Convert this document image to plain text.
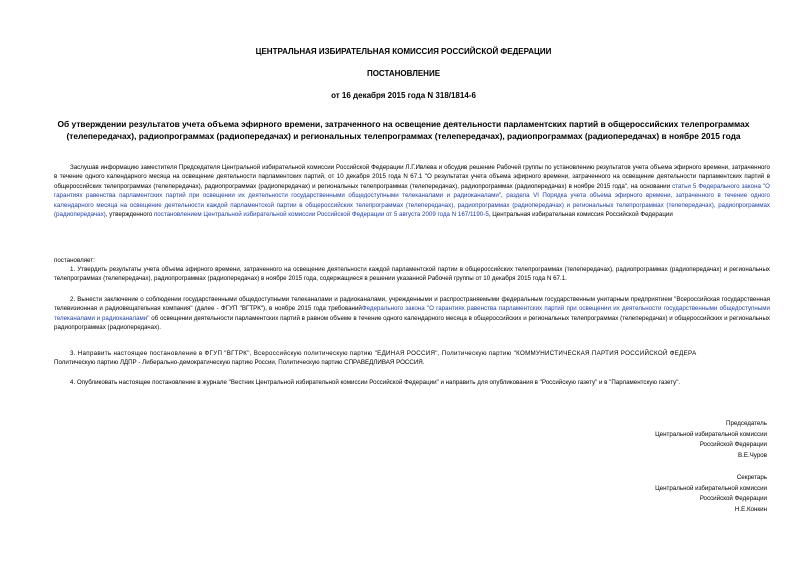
ЦЕНТРАЛЬНАЯ ИЗБИРАТЕЛЬНАЯ КОМИССИЯ РОССИЙСКОЙ ФЕДЕРАЦИИ
ПОСТАНОВЛЕНИЕ
от 16 декабря 2015 года N 318/1814-6
Об утверждении результатов учета объема эфирного времени, затраченного на освещение деятельности парламентских партий в общероссийских телепрограммах (телепередачах), радиопрограммах (радиопередачах) и региональных телепрограммах (телепередачах), радиопрограммах (радиопередачах) в ноябре 2015 года
Заслушав информацию заместителя Председателя Центральной избирательной комиссии Российской Федерации Л.Г.Ивлева и обсудив решение Рабочей группы по установлению результатов учета объема эфирного времени, затраченного в течение одного календарного месяца на освещение деятельности парламентских партий, от 10 декабря 2015 года N 67.1 "О результатах учета объема эфирного времени, затраченного на освещение деятельности парламентских партий в общероссийских телепрограммах (телепередачах), радиопрограммах (радиопередачах) и региональных телепрограммах (телепередачах), радиопрограммах (радиопередачах) в ноябре 2015 года", на основании статьи 5 Федерального закона "О гарантиях равенства парламентских партий при освещении их деятельности государственными общедоступными телеканалами и радиоканалами", раздела VI Порядка учета объема эфирного времени, затраченного в течение одного календарного месяца на освещение деятельности каждой парламентской партии в общероссийских телепрограммах (телепередачах), радиопрограммах (радиопередачах) и региональных телепрограммах (телепередачах), радиопрограммах (радиопередачах), утвержденного постановлением Центральной избирательной комиссии Российской Федерации от 5 августа 2009 года N 167/1190-5, Центральная избирательная комиссия Российской Федерации
постановляет:
1. Утвердить результаты учета объема эфирного времени, затраченного на освещение деятельности каждой парламентской партии в общероссийских телепрограммах (телепередачах), радиопрограммах (радиопередачах) и региональных телепрограммах (телепередачах), радиопрограммах (радиопередачах) в ноябре 2015 года, содержащиеся в решении указанной Рабочей группы от 10 декабря 2015 года N 67.1.
2. Вынести заключение о соблюдении государственными общедоступными телеканалами и радиоканалами, учрежденными и распространяемыми федеральным государственным унитарным предприятием "Всероссийская государственная телевизионная и радиовещательная компания" (далее - ФГУП "ВГТРК"), в ноябре 2015 года требованийФедерального закона "О гарантиях равенства парламентских партий при освещении их деятельности государственными общедоступными телеканалами и радиоканалами" об освещении деятельности парламентских партий в равном объеме в течение одного календарного месяца в общероссийских и региональных телепрограммах (телепередачах) и общероссийских и региональных радиопрограммах (радиопередачах).
3. Направить настоящее постановление в ФГУП "ВГТРК", Всероссийскую политическую партию "ЕДИНАЯ РОССИЯ", Политическую партию "КОММУНИСТИЧЕСКАЯ ПАРТИЯ РОССИЙСКОЙ ФЕДЕРА
Политическую партию ЛДПР - Либерально-демократическую партию России, Политическую партию СПРАВЕДЛИВАЯ РОССИЯ.
4. Опубликовать настоящее постановление в журнале "Вестник Центральной избирательной комиссии Российской Федерации" и направить для опубликования в "Российскую газету" и в "Парламентскую газету".
Председатель
Центральной избирательной комиссии
Российской Федерации
В.Е.Чуров
Секретарь
Центральной избирательной комиссии
Российской Федерации
Н.Е.Конкин
